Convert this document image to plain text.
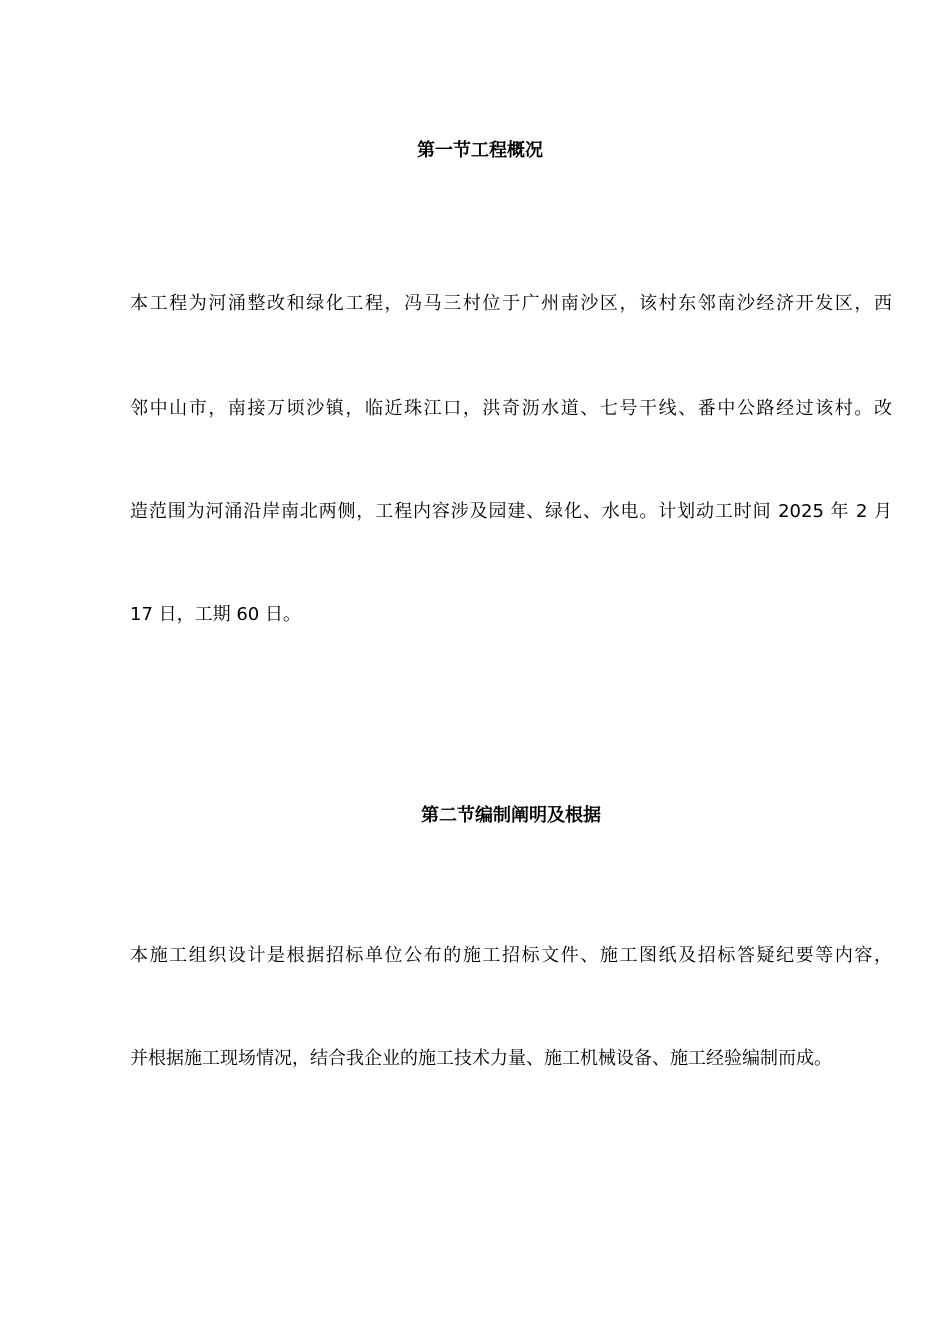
第一节工程概况

本工程为河涌整改和绿化工程，冯马三村位于广州南沙区，该村东邻南沙经济开发区，西

邻中山市，南接万顷沙镇，临近珠江口，洪奇沥水道、七号干线、番中公路经过该村。改

造范围为河涌沿岸南北两侧，工程内容涉及园建、绿化、水电。计划动工时间 2025 年 2 月

17 日，工期 60 日。

第二节编制阐明及根据

本施工组织设计是根据招标单位公布的施工招标文件、施工图纸及招标答疑纪要等内容，

并根据施工现场情况，结合我企业的施工技术力量、施工机械设备、施工经验编制而成。
